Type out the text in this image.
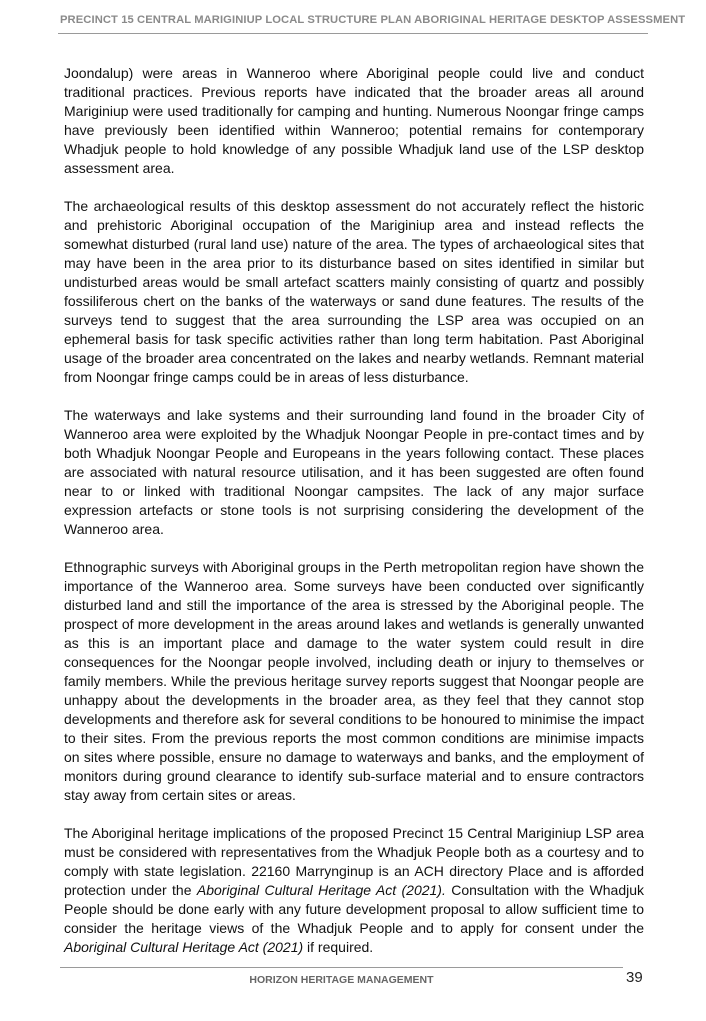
PRECINCT 15 CENTRAL MARIGINIUP LOCAL STRUCTURE PLAN ABORIGINAL HERITAGE DESKTOP ASSESSMENT

Joondalup) were areas in Wanneroo where Aboriginal people could live and conduct traditional practices. Previous reports have indicated that the broader areas all around Mariginiup were used traditionally for camping and hunting. Numerous Noongar fringe camps have previously been identified within Wanneroo; potential remains for contemporary Whadjuk people to hold knowledge of any possible Whadjuk land use of the LSP desktop assessment area.

The archaeological results of this desktop assessment do not accurately reflect the historic and prehistoric Aboriginal occupation of the Mariginiup area and instead reflects the somewhat disturbed (rural land use) nature of the area. The types of archaeological sites that may have been in the area prior to its disturbance based on sites identified in similar but undisturbed areas would be small artefact scatters mainly consisting of quartz and possibly fossiliferous chert on the banks of the waterways or sand dune features. The results of the surveys tend to suggest that the area surrounding the LSP area was occupied on an ephemeral basis for task specific activities rather than long term habitation. Past Aboriginal usage of the broader area concentrated on the lakes and nearby wetlands. Remnant material from Noongar fringe camps could be in areas of less disturbance.

The waterways and lake systems and their surrounding land found in the broader City of Wanneroo area were exploited by the Whadjuk Noongar People in pre-contact times and by both Whadjuk Noongar People and Europeans in the years following contact. These places are associated with natural resource utilisation, and it has been suggested are often found near to or linked with traditional Noongar campsites. The lack of any major surface expression artefacts or stone tools is not surprising considering the development of the Wanneroo area.

Ethnographic surveys with Aboriginal groups in the Perth metropolitan region have shown the importance of the Wanneroo area. Some surveys have been conducted over significantly disturbed land and still the importance of the area is stressed by the Aboriginal people. The prospect of more development in the areas around lakes and wetlands is generally unwanted as this is an important place and damage to the water system could result in dire consequences for the Noongar people involved, including death or injury to themselves or family members. While the previous heritage survey reports suggest that Noongar people are unhappy about the developments in the broader area, as they feel that they cannot stop developments and therefore ask for several conditions to be honoured to minimise the impact to their sites. From the previous reports the most common conditions are minimise impacts on sites where possible, ensure no damage to waterways and banks, and the employment of monitors during ground clearance to identify sub-surface material and to ensure contractors stay away from certain sites or areas.

The Aboriginal heritage implications of the proposed Precinct 15 Central Mariginiup LSP area must be considered with representatives from the Whadjuk People both as a courtesy and to comply with state legislation. 22160 Marrynginup is an ACH directory Place and is afforded protection under the Aboriginal Cultural Heritage Act (2021). Consultation with the Whadjuk People should be done early with any future development proposal to allow sufficient time to consider the heritage views of the Whadjuk People and to apply for consent under the Aboriginal Cultural Heritage Act (2021) if required.

HORIZON HERITAGE MANAGEMENT	39
